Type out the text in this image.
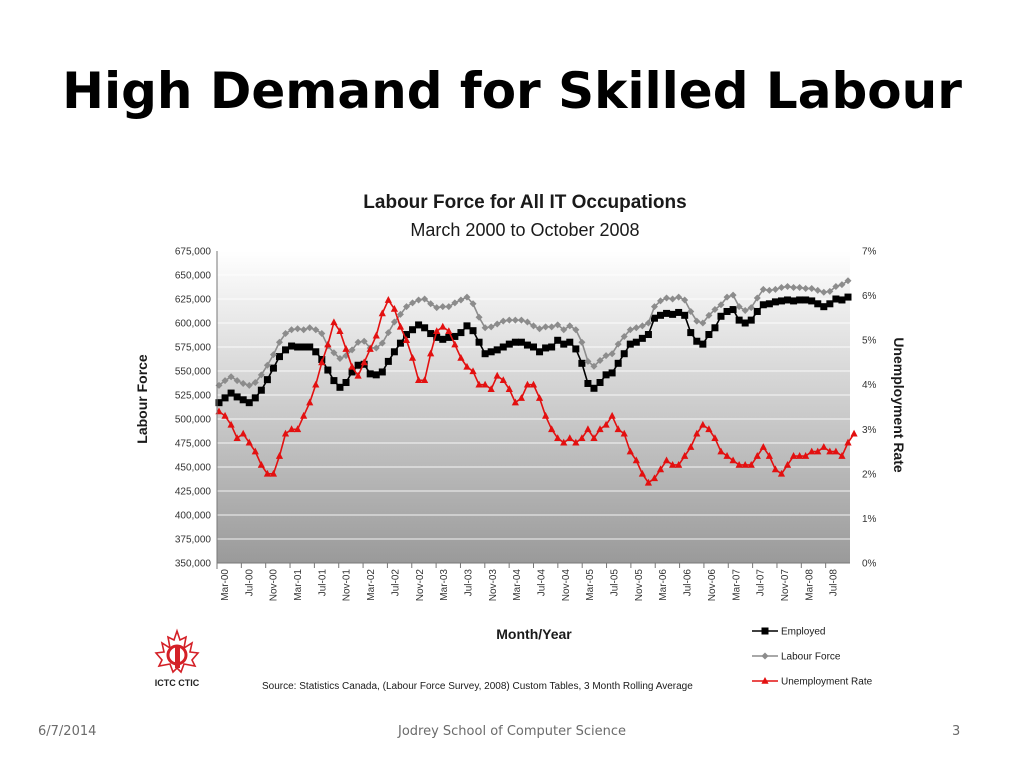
High Demand for Skilled Labour
675,000
650,000
625,000
600,000
575,000
550,000
525,000
500,000
475,000
450,000
425,000
400,000
375,000
350,000
7%
6%
5%
4%
3%
2%
1%
0%
Mar-00 Jul-00 Nov-00 Mar-01 Jul-01 Nov-01 Mar-02 Jul-02 Nov-02 Mar-03 Jul-03 Nov-03 Mar-04 Jul-04 Nov-04 Mar-05 Jul-05 Nov-05 Mar-06 Jul-06 Nov-06 Mar-07 Jul-07 Nov-07 Mar-08 Jul-08
Labour Force for All IT Occupations
March 2000 to October 2008
Month/Year
Labour Force	Unemployment Rate
Source: Statistics Canada, (Labour Force Survey, 2008) Custom Tables, 3 Month Rolling Average
Employed
Labour Force
Unemployment Rate
ICTC CTIC
6/7/2014	Jodrey School of Computer Science	3
